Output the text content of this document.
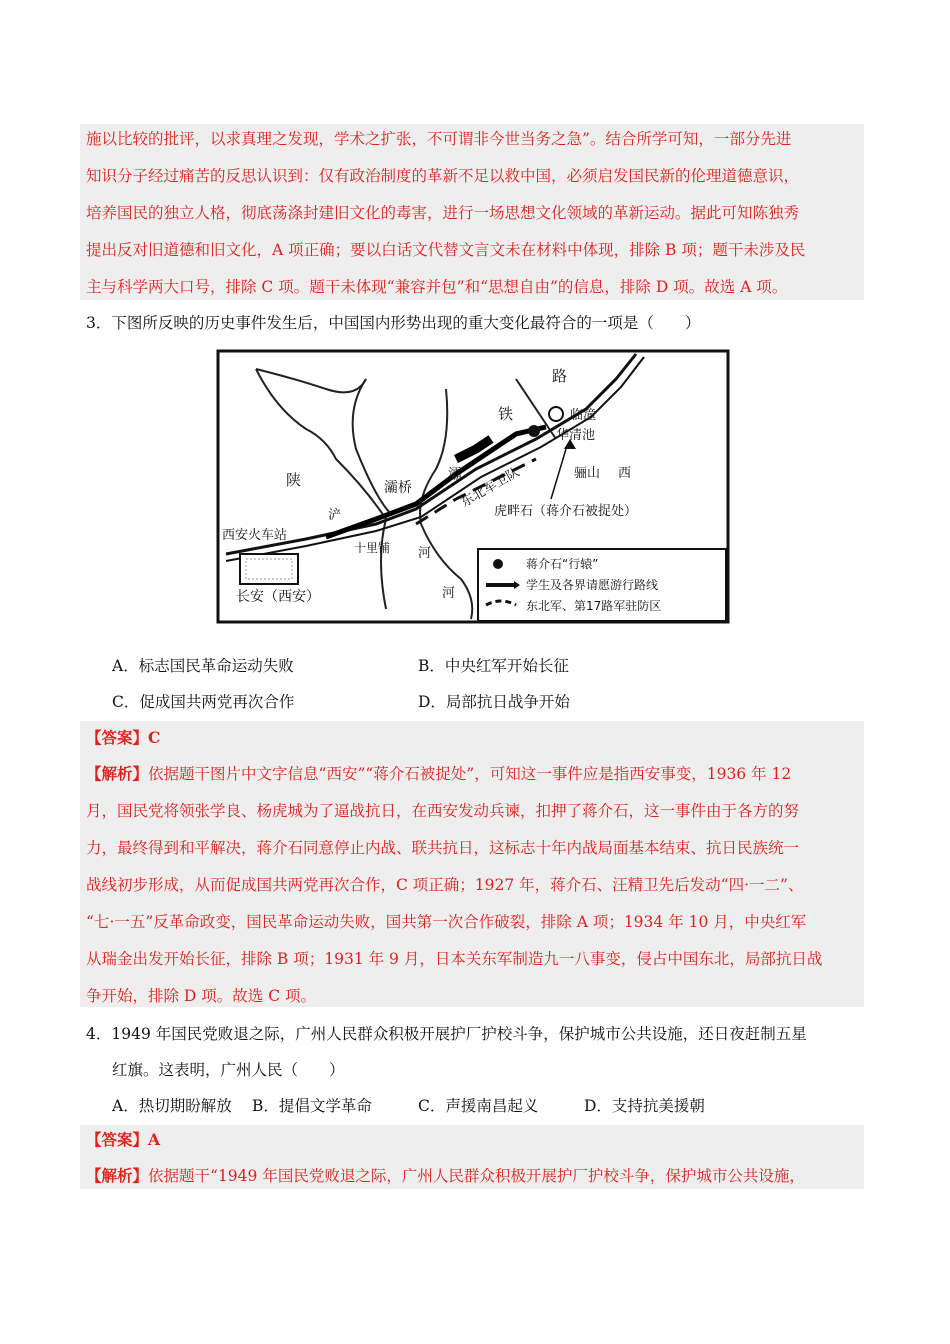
施以比较的批评，以求真理之发现，学术之扩张，不可谓非今世当务之急”。结合所学可知，一部分先进
知识分子经过痛苦的反思认识到：仅有政治制度的革新不足以救中国，必须启发国民新的伦理道德意识，
培养国民的独立人格，彻底荡涤封建旧文化的毒害，进行一场思想文化领域的革新运动。据此可知陈独秀
提出反对旧道德和旧文化，A 项正确；要以白话文代替文言文未在材料中体现，排除 B 项；题干未涉及民
主与科学两大口号，排除 C 项。题干未体现“兼容并包”和“思想自由”的信息，排除 D 项。故选 A 项。
3．下图所反映的历史事件发生后，中国国内形势出现的重大变化最符合的一项是（　　）
路
铁	临潼
华清池
骊山 西
陕	灞桥
灞
东北军卫队
虎畔石（蒋介石被捉处）
西安火车站
浐
十里铺 河
长安（西安）	河
蒋介石“行辕”
学生及各界请愿游行路线
东北军、第17路军驻防区
A．标志国民革命运动失败	B．中央红军开始长征
C．促成国共两党再次合作	D．局部抗日战争开始
【答案】C
【解析】依据题干图片中文字信息“西安”“蒋介石被捉处”，可知这一事件应是指西安事变，1936 年 12
月，国民党将领张学良、杨虎城为了逼战抗日，在西安发动兵谏，扣押了蒋介石，这一事件由于各方的努
力，最终得到和平解决，蒋介石同意停止内战、联共抗日，这标志十年内战局面基本结束、抗日民族统一
战线初步形成，从而促成国共两党再次合作，C 项正确；1927 年，蒋介石、汪精卫先后发动“四·一二”、
“七·一五”反革命政变，国民革命运动失败，国共第一次合作破裂，排除 A 项；1934 年 10 月，中央红军
从瑞金出发开始长征，排除 B 项；1931 年 9 月，日本关东军制造九一八事变，侵占中国东北，局部抗日战
争开始，排除 D 项。故选 C 项。
4．1949 年国民党败退之际，广州人民群众积极开展护厂护校斗争，保护城市公共设施，还日夜赶制五星
红旗。这表明，广州人民（　　）
A．热切期盼解放 B．提倡文学革命	C．声援南昌起义	D．支持抗美援朝
【答案】A
【解析】依据题干“1949 年国民党败退之际，广州人民群众积极开展护厂护校斗争，保护城市公共设施，
